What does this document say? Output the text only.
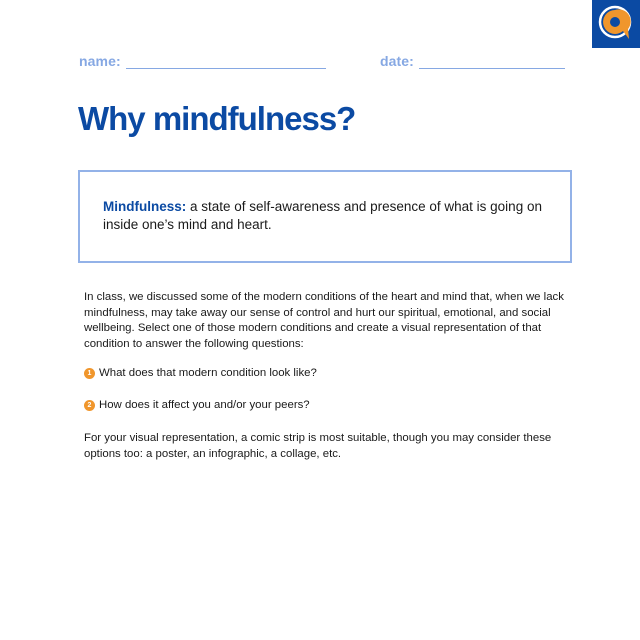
name:	date:
Why mindfulness?

Mindfulness: a state of self-awareness and presence of what is going on inside one’s mind and heart.

In class, we discussed some of the modern conditions of the heart and mind that, when we lack mindfulness, may take away our sense of control and hurt our spiritual, emotional, and social wellbeing. Select one of those modern conditions and create a visual representation of that condition to answer the following questions:

1 What does that modern condition look like?
2 How does it affect you and/or your peers?

For your visual representation, a comic strip is most suitable, though you may consider these options too: a poster, an infographic, a collage, etc.
